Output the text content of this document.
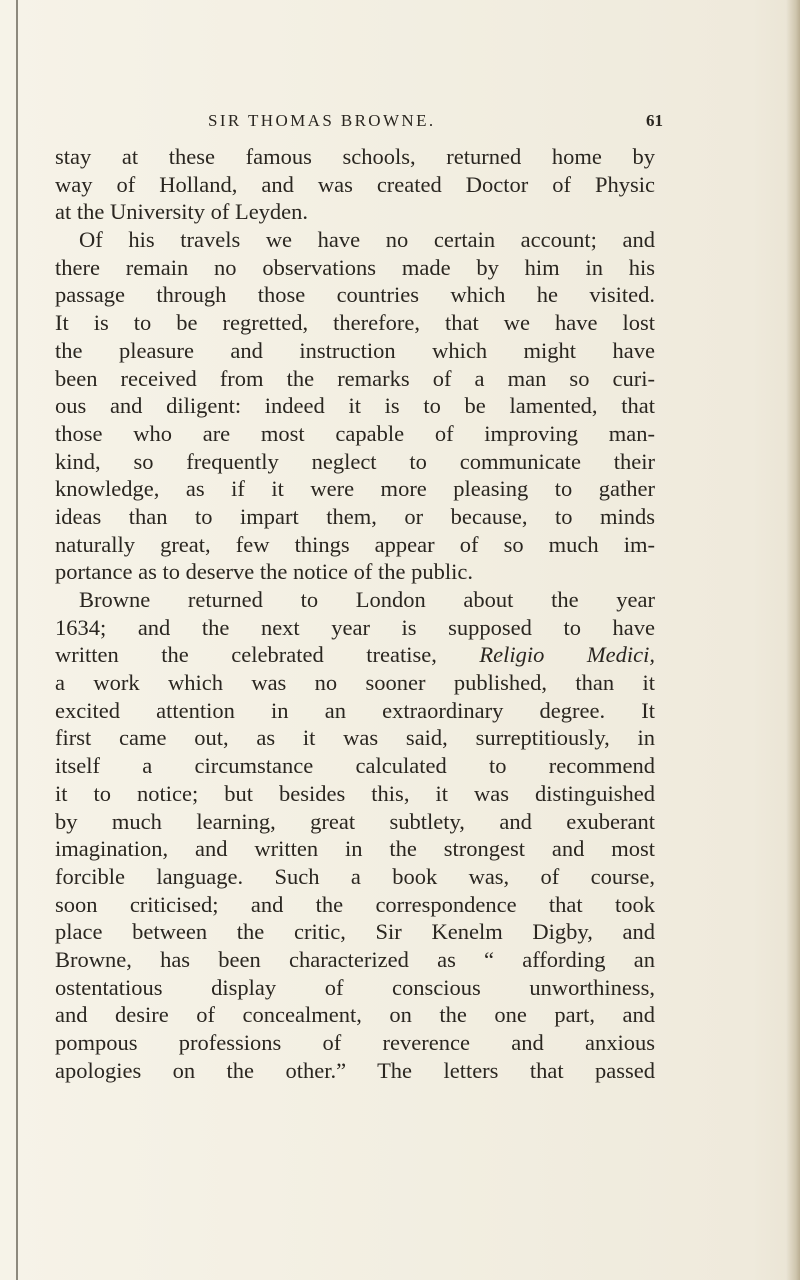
SIR THOMAS BROWNE.	61
stay at these famous schools, returned home by
way of Holland, and was created Doctor of Physic
at the University of Leyden.
Of his travels we have no certain account; and
there remain no observations made by him in his
passage through those countries which he visited.
It is to be regretted, therefore, that we have lost
the pleasure and instruction which might have
been received from the remarks of a man so curi-
ous and diligent: indeed it is to be lamented, that
those who are most capable of improving man-
kind, so frequently neglect to communicate their
knowledge, as if it were more pleasing to gather
ideas than to impart them, or because, to minds
naturally great, few things appear of so much im-
portance as to deserve the notice of the public.
Browne returned to London about the year
1634; and the next year is supposed to have
written the celebrated treatise, Religio Medici,
a work which was no sooner published, than it
excited attention in an extraordinary degree. It
first came out, as it was said, surreptitiously, in
itself a circumstance calculated to recommend
it to notice; but besides this, it was distinguished
by much learning, great subtlety, and exuberant
imagination, and written in the strongest and most
forcible language. Such a book was, of course,
soon criticised; and the correspondence that took
place between the critic, Sir Kenelm Digby, and
Browne, has been characterized as “ affording an
ostentatious display of conscious unworthiness,
and desire of concealment, on the one part, and
pompous professions of reverence and anxious
apologies on the other.” The letters that passed
